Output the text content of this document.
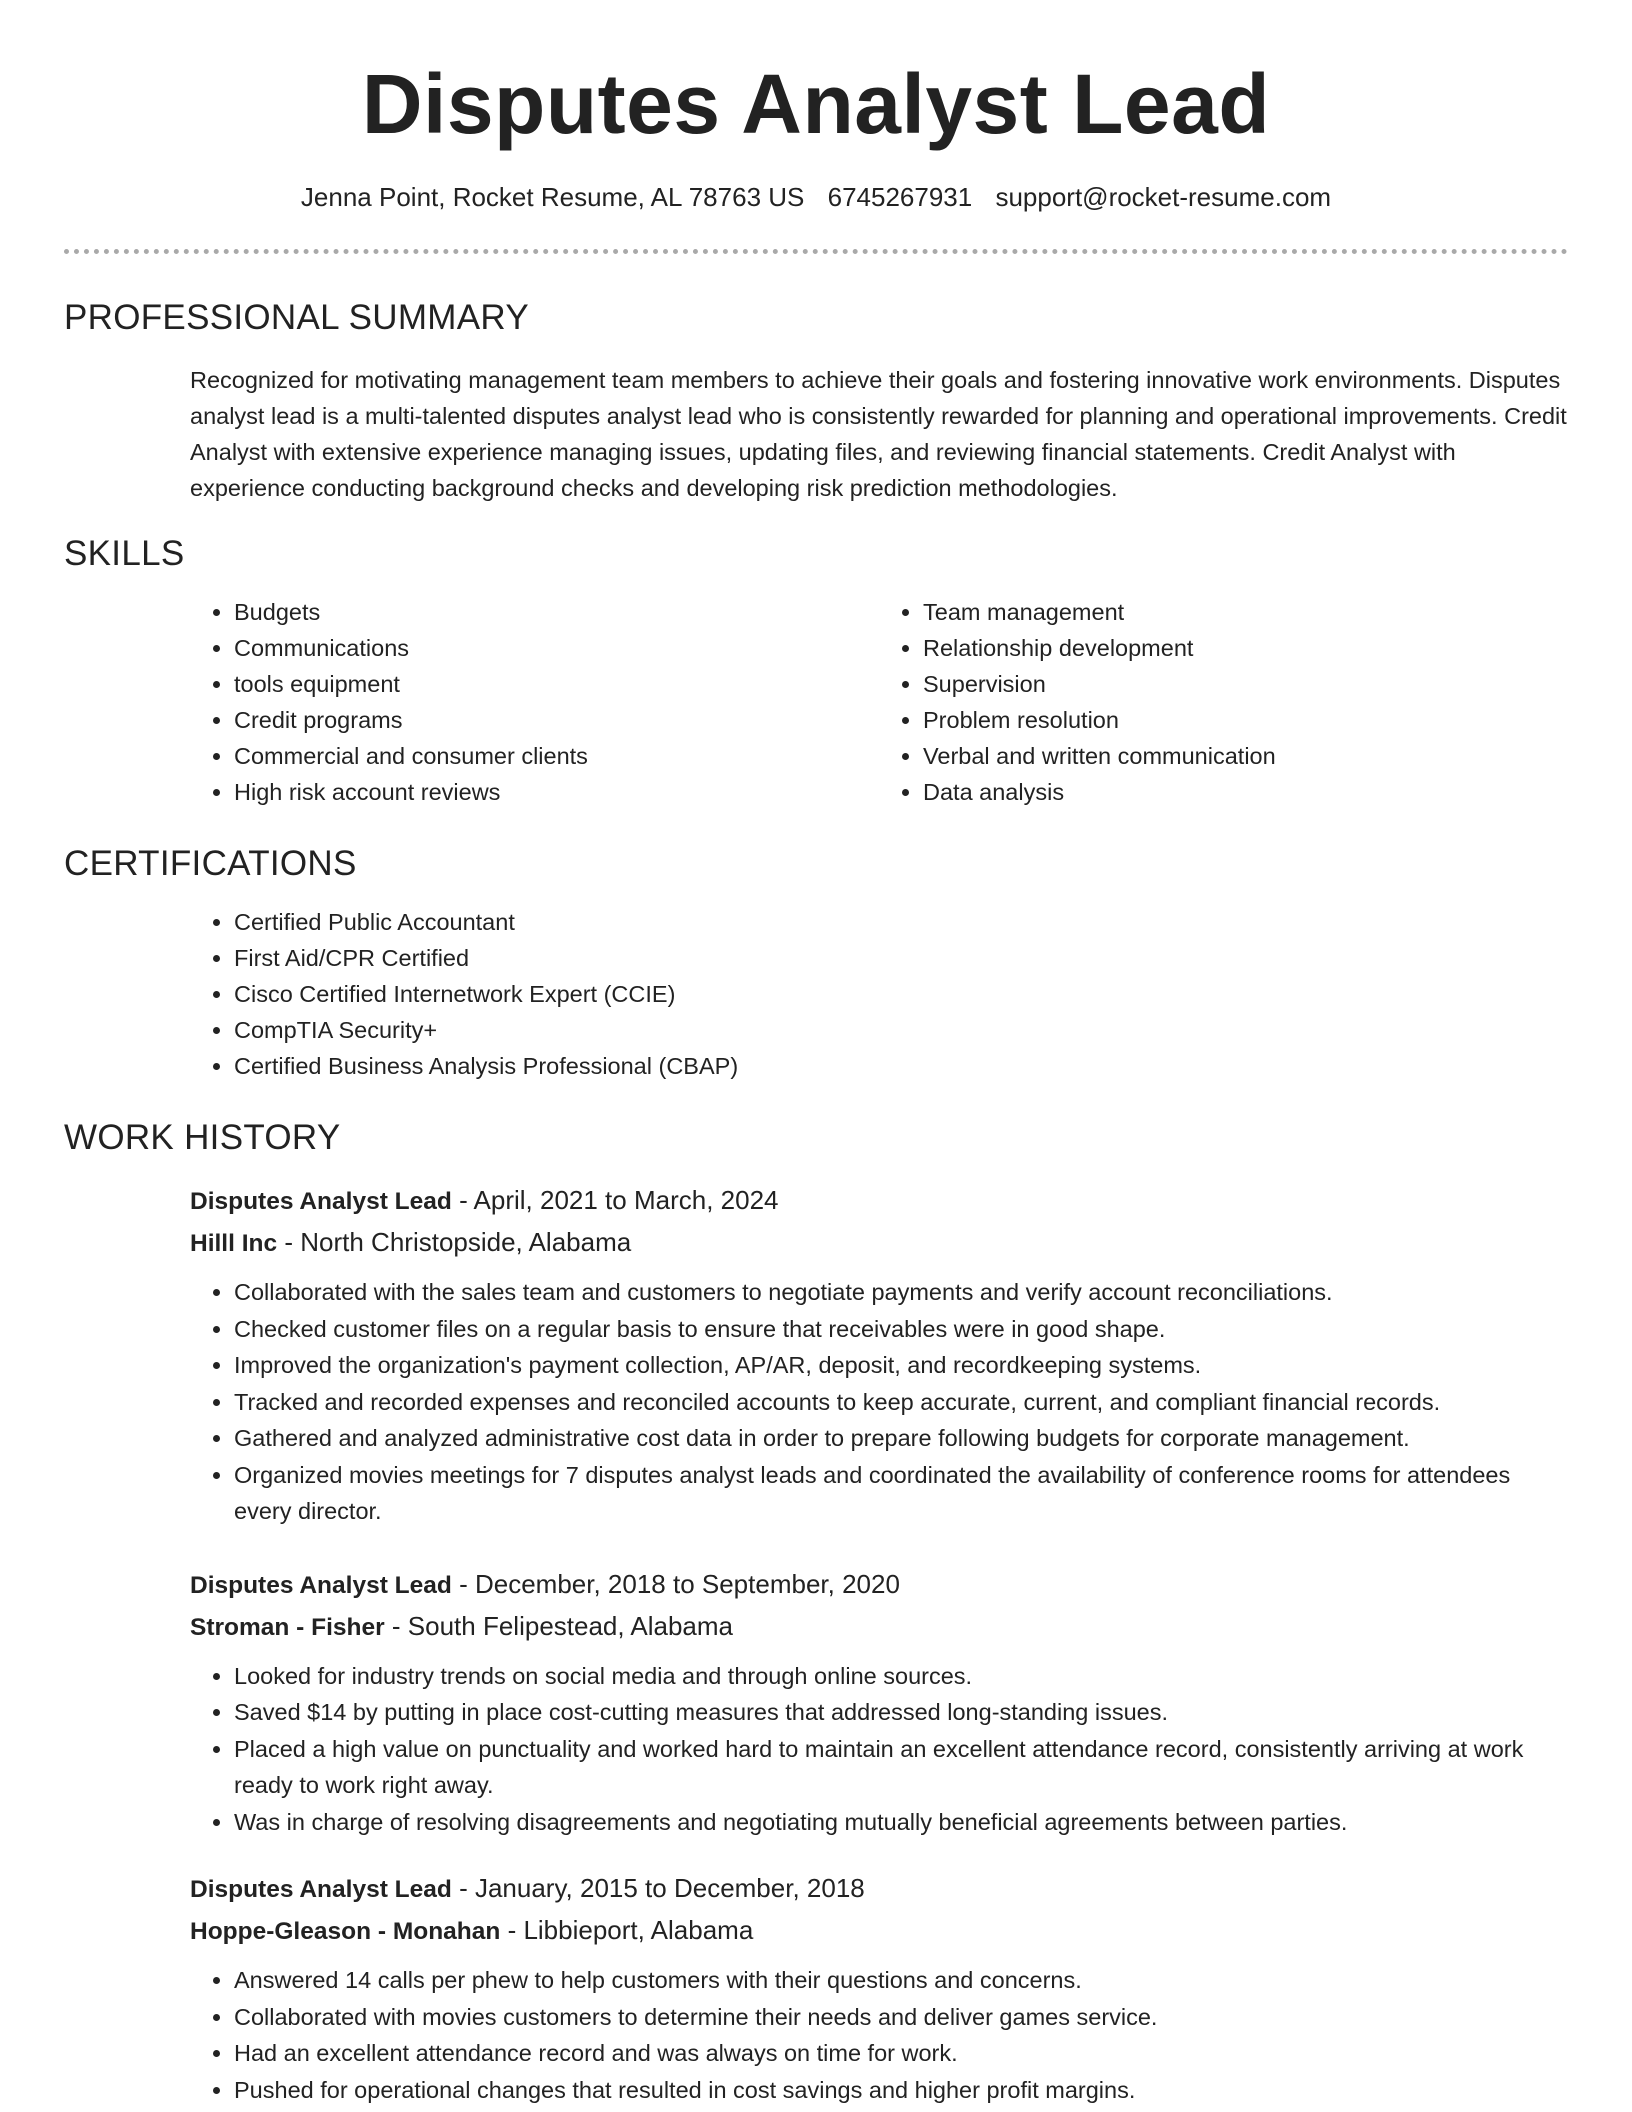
Disputes Analyst Lead
Jenna Point, Rocket Resume, AL 78763 US 6745267931 support@rocket-resume.com
PROFESSIONAL SUMMARY
Recognized for motivating management team members to achieve their goals and fostering innovative work environments. Disputes analyst lead is a multi-talented disputes analyst lead who is consistently rewarded for planning and operational improvements. Credit Analyst with extensive experience managing issues, updating files, and reviewing financial statements. Credit Analyst with experience conducting background checks and developing risk prediction methodologies.
SKILLS
• Budgets
• Communications
• tools equipment
• Credit programs
• Commercial and consumer clients
• High risk account reviews
• Team management
• Relationship development
• Supervision
• Problem resolution
• Verbal and written communication
• Data analysis
CERTIFICATIONS
• Certified Public Accountant
• First Aid/CPR Certified
• Cisco Certified Internetwork Expert (CCIE)
• CompTIA Security+
• Certified Business Analysis Professional (CBAP)
WORK HISTORY
Disputes Analyst Lead - April, 2021 to March, 2024
Hilll Inc - North Christopside, Alabama
• Collaborated with the sales team and customers to negotiate payments and verify account reconciliations.
• Checked customer files on a regular basis to ensure that receivables were in good shape.
• Improved the organization's payment collection, AP/AR, deposit, and recordkeeping systems.
• Tracked and recorded expenses and reconciled accounts to keep accurate, current, and compliant financial records.
• Gathered and analyzed administrative cost data in order to prepare following budgets for corporate management.
• Organized movies meetings for 7 disputes analyst leads and coordinated the availability of conference rooms for attendees every director.
Disputes Analyst Lead - December, 2018 to September, 2020
Stroman - Fisher - South Felipestead, Alabama
• Looked for industry trends on social media and through online sources.
• Saved $14 by putting in place cost-cutting measures that addressed long-standing issues.
• Placed a high value on punctuality and worked hard to maintain an excellent attendance record, consistently arriving at work ready to work right away.
• Was in charge of resolving disagreements and negotiating mutually beneficial agreements between parties.
Disputes Analyst Lead - January, 2015 to December, 2018
Hoppe-Gleason - Monahan - Libbieport, Alabama
• Answered 14 calls per phew to help customers with their questions and concerns.
• Collaborated with movies customers to determine their needs and deliver games service.
• Had an excellent attendance record and was always on time for work.
• Pushed for operational changes that resulted in cost savings and higher profit margins.
